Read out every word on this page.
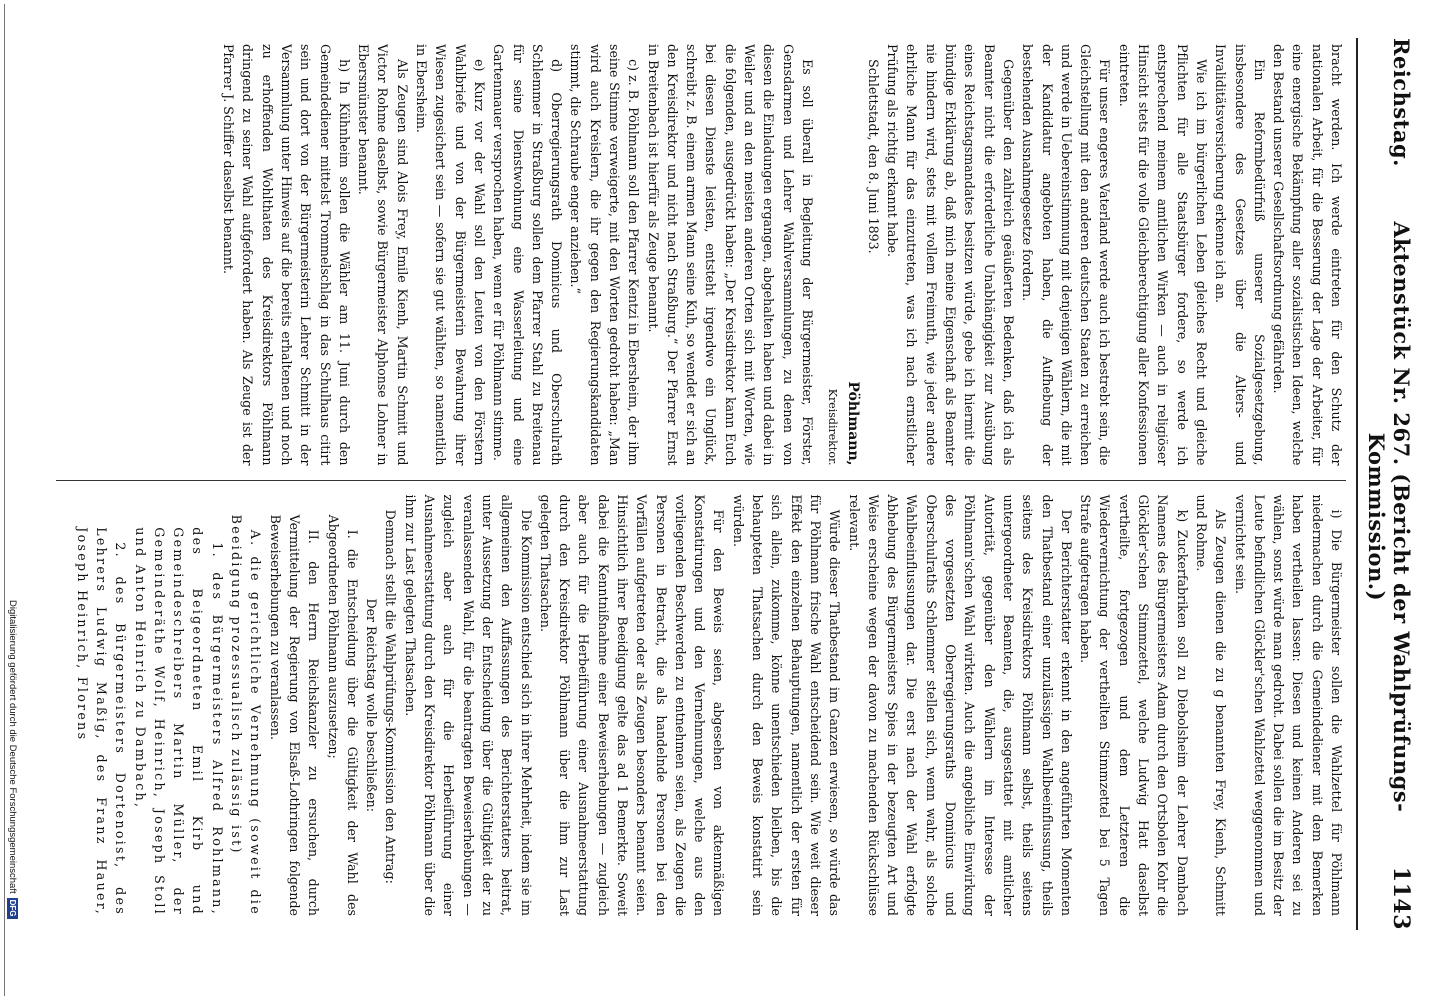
Digitalisierung gefördert durch die Deutsche Forschungsgemeinschaft
DFG
Reichstag.
Aktenstück Nr. 267. (Bericht der Wahlprüfungs-Kommission.)
1143

bracht werden. Ich werde eintreten für den Schutz der nationalen Arbeit, für die Besserung der Lage der Arbeiter, für eine energische Bekämpfung aller sozialistischen Ideen, welche den Bestand unserer Gesellschaftsordnung gefährden.

Ein Reformbedürfniß unserer Sozialgesetzgebung, insbesondere des Gesetzes über die Alters- und Invaliditätsversicherung erkenne ich an.

Wie ich im bürgerlichen Leben gleiches Recht und gleiche Pflichten für alle Staatsbürger fordere, so werde ich entsprechend meinem amtlichen Wirken — auch in religiöser Hinsicht stets für die volle Gleichberechtigung aller Konfessionen eintreten.

Für unser engeres Vaterland werde auch ich bestrebt sein, die Gleichstellung mit den anderen deutschen Staaten zu erreichen und werde in Uebereinstimmung mit denjenigen Wählern, die mit der Kandidatur angeboten haben, die Aufhebung der bestehenden Ausnahmegesetze fordern.

Gegenüber den zahlreich geäußerten Bedenken, daß ich als Beamter nicht die erforderliche Unabhängigkeit zur Ausübung eines Reichstagsmandates besitzen würde, gebe ich hiermit die bündige Erklärung ab, daß mich meine Eigenschaft als Beamter nie hindern wird, stets mit vollem Freimuth, wie jeder andere ehrliche Mann für das einzutreten, was ich nach ernstlicher Prüfung als richtig erkannt habe.

Schlettstadt, den 8. Juni 1893.

Pöhlmann,
Kreisdirektor.

Es soll überall in Begleitung der Bürgermeister, Förster, Gensdarmen und Lehrer Wahlversammlungen, zu denen von diesen die Einladungen ergangen, abgehalten haben und dabei in Weiler und an den meisten anderen Orten sich mit Worten, wie die folgenden, ausgedrückt haben: „Der Kreisdirektor kann Euch bei diesen Dienste leisten, entsteht irgendwo ein Unglück, schreibt z. B. einem armen Mann seine Kuh, so wendet er sich an den Kreisdirektor und nicht nach Straßburg.“ Der Pfarrer Ernst in Breitenbach ist hierfür als Zeuge benannt.

c) z. B. Pöhlmann soll den Pfarrer Kentzi in Ebersheim, der ihm seine Stimme verweigerte, mit den Worten gedroht haben: „Man wird auch Kreislern, die ihr gegen den Regierungskandidaten stimmt, die Schraube enger anziehen.“

d) Oberregierungsrath Dominicus und Oberschulrath Schlemmer in Straßburg sollen dem Pfarrer Stahl zu Breitenau für seine Dienstwohnung eine Wasserleitung und eine Gartenmauer versprochen haben, wenn er für Pöhlmann stimme.

e) Kurz vor der Wahl soll den Leuten von den Förstern Wahlbriefe und von der Bürgermeisterin Bewahrung ihrer Wiesen zugesichert sein — sofern sie gut wählten, so namentlich in Ebersheim.

Als Zeugen sind Alois Frey, Emile Kienh, Martin Schmitt und Victor Rohme daselbst, sowie Bürgermeister Alphonse Lohner in Ebersmünster benannt.

h) In Kühnheim sollen die Wähler am 11. Juni durch den Gemeindediener mittelst Trommelschlag in das Schulhaus citirt sein und dort von der Bürgermeisterin Lehrer Schmitt in der Versammlung unter Hinweis auf die bereits erhaltenen und noch zu erhoffenden Wohlthaten des Kreisdirektors Pöhlmann dringend zu seiner Wahl aufgefordert haben. Als Zeuge ist der Pfarrer J. Schiffer daselbst benannt.

i) Die Bürgermeister sollen die Wahlzettel für Pöhlmann niedermachen durch die Gemeindediener mit dem Bemerken haben vertheilen lassen: Diesen und keinen Anderen sei zu wählen, sonst würde man gedroht. Dabei sollen die im Besitz der Leute befindlichen Glöckler'schen Wahlzettel weggenommen und vernichtet sein.

Als Zeugen dienen die zu g benannten Frey, Kienh, Schmitt und Rohme.

k) Zuckerfabriken soll zu Diebolsheim der Lehrer Dambach Namens des Bürgermeisters Adam durch den Ortsbolen Kohr die Glöckler'schen Stimmzettel, welche Ludwig Hatt daselbst vertheilte, fortgezogen und dem Letzteren die Wiedervernichtung der vertheilten Stimmzettel bei 5 Tagen Strafe aufgetragen haben.

Der Berichterstatter erkennt in den angeführten Momenten den Thatbestand einer unzulässigen Wahlbeeinflussung, theils seitens des Kreisdirektors Pöhlmann selbst, theils seitens untergeordneter Beamten, die, ausgestattet mit amtlicher Autorität, gegenüber den Wählern im Interesse der Pöhlmann'schen Wahl wirkten. Auch die angebliche Einwirkung des vorgesetzten Oberregierungsraths Dominicus und Oberschulraths Schlemmer stellen sich, wenn wahr, als solche Wahlbeeinflussungen dar. Die erst nach der Wahl erfolgte Abhebung des Bürgermeisters Spies in der bezeugten Art und Weise erscheine wegen der davon zu machenden Rückschlüsse relevant.

Würde dieser Thatbestand im Ganzen erwiesen, so würde das für Pöhlmann frische Wahl entscheidend sein. Wie weit dieser Effekt den einzelnen Behauptungen, namentlich der ersten für sich allein, zukomme, könne unentschieden bleiben, bis die behaupteten Thatsachen durch den Beweis konstatirt sein würden.

Für den Beweis seien, abgesehen von aktenmäßigen Konstatirungen und den Vernehmungen, welche aus den vorliegenden Beschwerden zu entnehmen seien, als Zeugen die Personen in Betracht, die als handelnde Personen bei den Vorfällen aufgetreten oder als Zeugen besonders benannt seien. Hinsichtlich ihrer Beeidigung gelte das ad 1 Bemerkte. Soweit dabei die Kenntnißnahme einer Beweiserhebungen — zugleich aber auch für die Herbeiführung einer Ausnahmeerstattung durch den Kreisdirektor Pöhlmann über die ihm zur Last gelegten Thatsachen.

Die Kommission entschied sich in ihrer Mehrheit, indem sie im allgemeinen den Auffassungen des Berichterstatters beitrat, unter Aussetzung der Entscheidung über die Gültigkeit der zu veranlassenden Wahl, für die beantragten Beweiserhebungen — zugleich aber auch für die Herbeiführung einer Ausnahmeerstattung durch den Kreisdirektor Pöhlmann über die ihm zur Last gelegten Thatsachen.

Demnach stellt die Wahlprüfungs-Kommission den Antrag:

Der Reichstag wolle beschließen:

I. die Entscheidung über die Gültigkeit der Wahl des Abgeordneten Pöhlmann auszusetzen;

II. den Herrn Reichskanzler zu ersuchen, durch Vermittelung der Regierung von Elsaß-Lothringen folgende Beweiserhebungen zu veranlassen.

A. die gerichtliche Vernehmung (soweit die Beeidigung prozessualisch zulässig ist)

1. des Bürgermeisters Alfred Rohlmann, des Beigeordneten Emil Kirb und Gemeindeschreibers Martin Müller, der Gemeinderäthe Wolf, Heinrich, Joseph Stoll und Anton Heinrich zu Dambach,

2. des Bürgermeisters Dortenoist, des Lehrers Ludwig Maßig, des Franz Hauer, Joseph Heinrich, Florens
